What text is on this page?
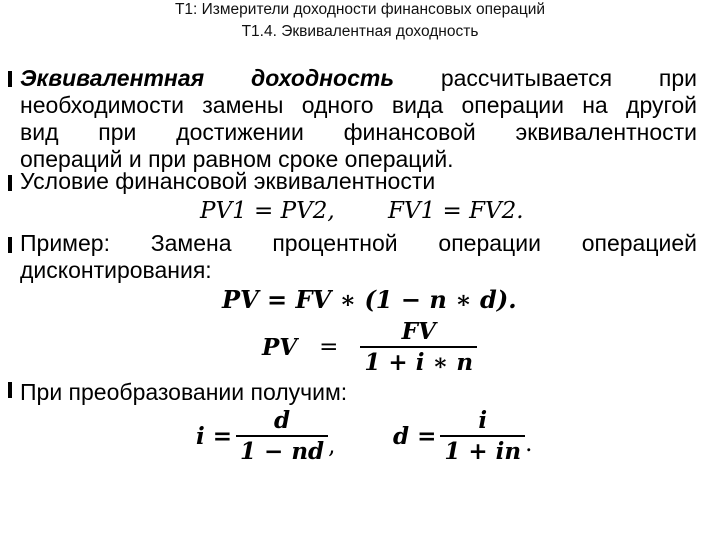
Т1: Измерители доходности финансовых операций
Т1.4. Эквивалентная доходность
Эквивалентная доходность рассчитывается при
необходимости замены одного вида операции на другой
вид при достижении финансовой эквивалентности
операций и при равном сроке операций.
Условие финансовой эквивалентности
PV1 = PV2, FV1 = FV2.
Пример: Замена процентной операции операцией
дисконтирования:
PV = FV ∗ (1 − n ∗ d).
PV = $\frac{FV}{1 + i ∗ n}$
При преобразовании получим:
$i = \frac{d}{1 - nd}$ ,	$d = \frac{i}{1 + in}$ .
